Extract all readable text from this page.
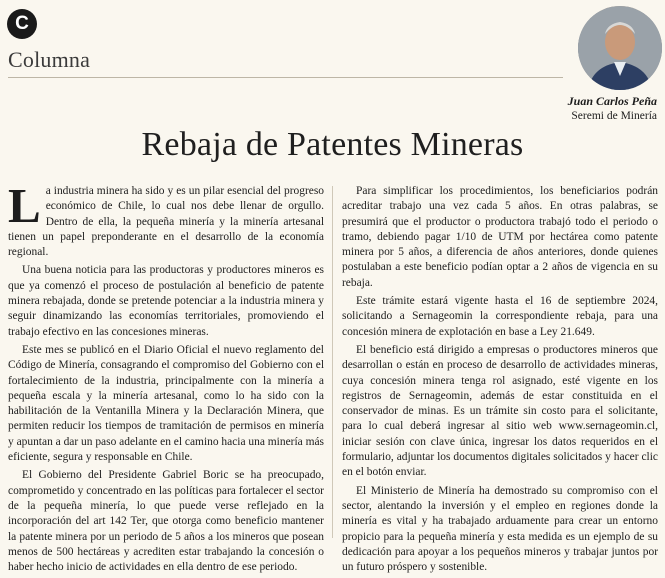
C
Columna
Juan Carlos Peña
Seremi de Minería
Rebaja de Patentes Mineras

La industria minera ha sido y es un pilar esencial del progreso económico de Chile, lo cual nos debe llenar de orgullo. Dentro de ella, la pequeña minería y la minería artesanal tienen un papel preponderante en el desarrollo de la economía regional.

Una buena noticia para las productoras y productores mineros es que ya comenzó el proceso de postulación al beneficio de patente minera rebajada, donde se pretende potenciar a la industria minera y seguir dinamizando las economías territoriales, promoviendo el trabajo efectivo en las concesiones mineras.

Este mes se publicó en el Diario Oficial el nuevo reglamento del Código de Minería, consagrando el compromiso del Gobierno con el fortalecimiento de la industria, principalmente con la minería a pequeña escala y la minería artesanal, como lo ha sido con la habilitación de la Ventanilla Minera y la Declaración Minera, que permiten reducir los tiempos de tramitación de permisos en minería y apuntan a dar un paso adelante en el camino hacia una minería más eficiente, segura y responsable en Chile.

El Gobierno del Presidente Gabriel Boric se ha preocupado, comprometido y concentrado en las políticas para fortalecer el sector de la pequeña minería, lo que puede verse reflejado en la incorporación del art 142 Ter, que otorga como beneficio mantener la patente minera por un periodo de 5 años a los mineros que posean menos de 500 hectáreas y acrediten estar trabajando la concesión o haber hecho inicio de actividades en ella dentro de ese periodo.

Para simplificar los procedimientos, los beneficiarios podrán acreditar trabajo una vez cada 5 años. En otras palabras, se presumirá que el productor o productora trabajó todo el periodo o tramo, debiendo pagar 1/10 de UTM por hectárea como patente minera por 5 años, a diferencia de años anteriores, donde quienes postulaban a este beneficio podían optar a 2 años de vigencia en su rebaja.

Este trámite estará vigente hasta el 16 de septiembre 2024, solicitando a Sernageomin la correspondiente rebaja, para una concesión minera de explotación en base a Ley 21.649.

El beneficio está dirigido a empresas o productores mineros que desarrollan o están en proceso de desarrollo de actividades mineras, cuya concesión minera tenga rol asignado, esté vigente en los registros de Sernageomin, además de estar constituida en el conservador de minas. Es un trámite sin costo para el solicitante, para lo cual deberá ingresar al sitio web www.sernageomin.cl, iniciar sesión con clave única, ingresar los datos requeridos en el formulario, adjuntar los documentos digitales solicitados y hacer clic en el botón enviar.

El Ministerio de Minería ha demostrado su compromiso con el sector, alentando la inversión y el empleo en regiones donde la minería es vital y ha trabajado arduamente para crear un entorno propicio para la pequeña minería y esta medida es un ejemplo de su dedicación para apoyar a los pequeños mineros y trabajar juntos por un futuro próspero y sostenible.
